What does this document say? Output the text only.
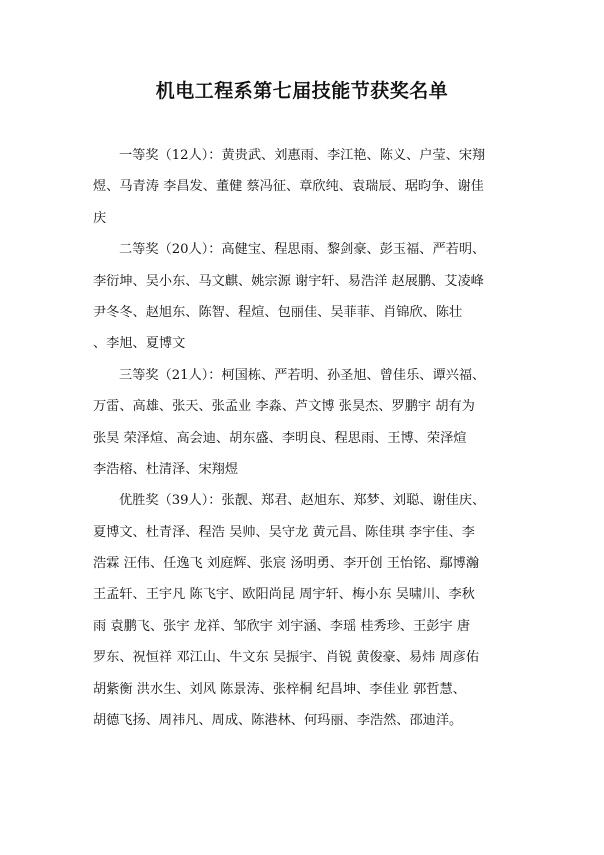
机电工程系第七届技能节获奖名单
一等奖（12人）：黄贵武、刘惠雨、李江艳、陈义、户莹、宋翔
煜、马青涛 李昌发、董健 蔡冯征、章欣纯、袁瑞辰、琚昀争、谢佳
庆
二等奖（20人）：高健宝、程思雨、黎剑豪、彭玉福、严若明、
李衍坤、吴小东、马文麒、姚宗源 谢宇轩、易浩洋 赵展鹏、艾凌峰
尹冬冬、赵旭东、陈智、程煊、包丽佳、吴菲菲、肖锦欣、陈壮
、李旭、夏博文
三等奖（21人）：柯国栋、严若明、孙圣旭、曾佳乐、谭兴福、
万雷、高雄、张天、张孟业 李淼、芦文博 张昊杰、罗鹏宇 胡有为
张昊 荣泽煊、高会迪、胡东盛、李明良、程思雨、王博、荣泽煊
李浩榕、杜清泽、宋翔煜
优胜奖（39人）：张靓、郑君、赵旭东、郑梦、刘聪、谢佳庆、
夏博文、杜青泽、程浩 吴帅、吴守龙 黄元昌、陈佳琪 李宇佳、李
浩霖 汪伟、任逸飞 刘庭辉、张宸 汤明勇、李开创 王怡铭、鄢博瀚
王孟轩、王宇凡 陈飞宇、欧阳尚昆 周宇轩、梅小东 吴啸川、李秋
雨 袁鹏飞、张宇 龙祥、邹欣宇 刘宇涵、李瑶 桂秀珍、王彭宇 唐
罗东、祝恒祥 邓江山、牛文东 吴振宇、肖锐 黄俊豪、易炜 周彦佑
胡紫衡 洪水生、刘风 陈景涛、张梓桐 纪昌坤、李佳业 郭哲慧、
胡德飞扬、周祎凡、周成、陈港林、何玛丽、李浩然、邵迪洋。
